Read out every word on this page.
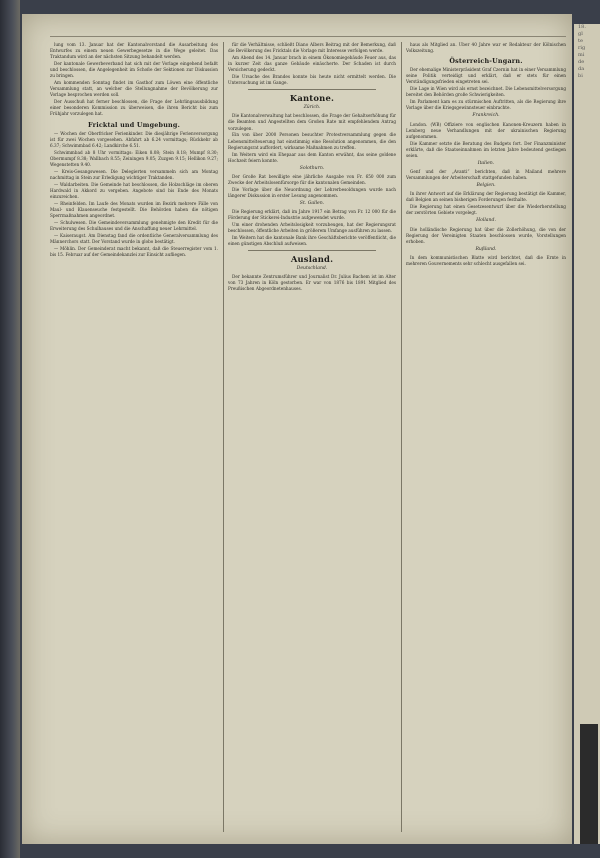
lung vom 13. Januar hat der Kantonalvorstand die Ausarbeitung des Entwurfes zu einem neuen Gewerbegesetze in die Wege geleitet. Das Traktandum wird an der nächsten Sitzung behandelt werden.

Der kantonale Gewerbeverband hat sich mit der Vorlage eingehend befaßt und beschlossen, die Angelegenheit im Schoße der Sektionen zur Diskussion zu bringen.

Am kommenden Sonntag findet im Gasthof zum Löwen eine öffentliche Versammlung statt, an welcher die Stellungnahme der Bevölkerung zur Vorlage besprochen werden soll.

Der Ausschuß hat ferner beschlossen, die Frage der Lehrlingsausbildung einer besonderen Kommission zu überweisen, die ihren Bericht bis zum Frühjahr vorzulegen hat.

Fricktal und Umgebung.

— Wochen der Oberfricker Ferienkinder. Die diesjährige Ferienversorgung ist für zwei Wochen vorgesehen. Abfahrt ab 6.24 vormittags; Rückkehr ab 6.37; Schwimmbad 6.42; Landkirche 6.51.

Schwimmbad ab 8 Uhr vormittags: Eiken 8.08; Stein 8.18; Mumpf 8.30; Obermumpf 8.38; Wallbach 8.55; Zeiningen 9.05; Zuzgen 9.15; Hellikon 9.27; Wegenstetten 9.40.

— Kreis-Gesangswesen. Die Delegierten versammeln sich am Montag nachmittag in Stein zur Erledigung wichtiger Traktanden.

— Waldarbeiten. Die Gemeinde hat beschlossen, die Holzschläge im oberen Hardwald in Akkord zu vergeben. Angebote sind bis Ende des Monats einzureichen.

— Rheinfelden. Im Laufe des Monats wurden im Bezirk mehrere Fälle von Maul- und Klauenseuche festgestellt. Die Behörden haben die nötigen Sperrmaßnahmen angeordnet.

— Schulwesen. Die Gemeindeversammlung genehmigte den Kredit für die Erweiterung des Schulhauses und die Anschaffung neuer Lehrmittel.

— Kaiseraugst. Am Dienstag fand die ordentliche Generalversammlung des Männerchors statt. Der Vorstand wurde in globo bestätigt.

— Möhlin. Der Gemeinderat macht bekannt, daß die Steuerregister vom 1. bis 15. Februar auf der Gemeindekanzlei zur Einsicht aufliegen.

für die Verhältnisse, schließt Diano Albers Beitrag mit der Bemerkung, daß die Bevölkerung des Fricktals die Vorlage mit Interesse verfolgen werde.

Am Abend des 14. Januar brach in einem Ökonomiegebäude Feuer aus, das in kurzer Zeit das ganze Gebäude einäscherte. Der Schaden ist durch Versicherung gedeckt.

Die Ursache des Brandes konnte bis heute nicht ermittelt werden. Die Untersuchung ist im Gange.

Kantone.
Zürich.

Die Kantonalverwaltung hat beschlossen, die Frage der Gehaltserhöhung für die Beamten und Angestellten dem Großen Rate mit empfehlendem Antrag vorzulegen.

Ein von über 2000 Personen besuchter Protestversammlung gegen die Lebensmittelteuerung hat einstimmig eine Resolution angenommen, die den Regierungsrat auffordert, wirksame Maßnahmen zu treffen.

Im Weitern wird ein Ehepaar aus dem Kanton erwähnt, das seine goldene Hochzeit feiern konnte.

Solothurn.

Der Große Rat bewilligte eine jährliche Ausgabe von Fr. 650 000 zum Zwecke der Arbeitslosenfürsorge für die kantonalen Gemeinden.

Die Vorlage über die Neuordnung der Lehrerbesoldungen wurde nach längerer Diskussion in erster Lesung angenommen.

St. Gallen.

Die Regierung erklärt, daß im Jahre 1917 ein Betrag von Fr. 12 000 für die Förderung der Stickerei-Industrie aufgewendet wurde.

Um einer drohenden Arbeitslosigkeit vorzubeugen, hat der Regierungsrat beschlossen, öffentliche Arbeiten in größerem Umfange ausführen zu lassen.

Im Weitern hat die kantonale Bank ihre Geschäftsberichte veröffentlicht, die einen günstigen Abschluß aufweisen.

Ausland.
Deutschland.

Der bekannte Zentrumsführer und Journalist Dr. Julius Bachem ist im Alter von 73 Jahren in Köln gestorben. Er war von 1876 bis 1891 Mitglied des Preußischen Abgeordnetenhauses.

haus als Mitglied an. Über 40 Jahre war er Redakteur der Kölnischen Volkszeitung.

Österreich-Ungarn.

Der ehemalige Ministerpräsident Graf Czernin hat in einer Versammlung seine Politik verteidigt und erklärt, daß er stets für einen Verständigungsfrieden eingetreten sei.

Die Lage in Wien wird als ernst bezeichnet. Die Lebensmittelversorgung bereitet den Behörden große Schwierigkeiten.

Im Parlament kam es zu stürmischen Auftritten, als die Regierung ihre Vorlage über die Kriegsgewinnsteuer einbrachte.

Frankreich.

London. (WB) Offiziere von englischen Kanonen-Kreuzern haben in Lemberg neue Verhandlungen mit der ukrainischen Regierung aufgenommen.

Die Kammer setzte die Beratung des Budgets fort. Der Finanzminister erklärte, daß die Staatseinnahmen im letzten Jahre bedeutend gestiegen seien.

Italien.

Genf und der „Avanti“ berichten, daß in Mailand mehrere Versammlungen der Arbeiterschaft stattgefunden haben.

Belgien.

In ihrer Antwort auf die Erklärung der Regierung bestätigt die Kammer, daß Belgien an seinen bisherigen Forderungen festhalte.

Die Regierung hat einen Gesetzesentwurf über die Wiederherstellung der zerstörten Gebiete vorgelegt.

Holland.

Die holländische Regierung hat über die Zollerhöhung, die von der Regierung der Vereinigten Staaten beschlossen wurde, Vorstellungen erhoben.

Rußland.

In dem kommunistischen Blatte wird berichtet, daß die Ernte in mehreren Gouvernements sehr schlecht ausgefallen sei.

18.
gl
te
rig
mi
de
da
bi
